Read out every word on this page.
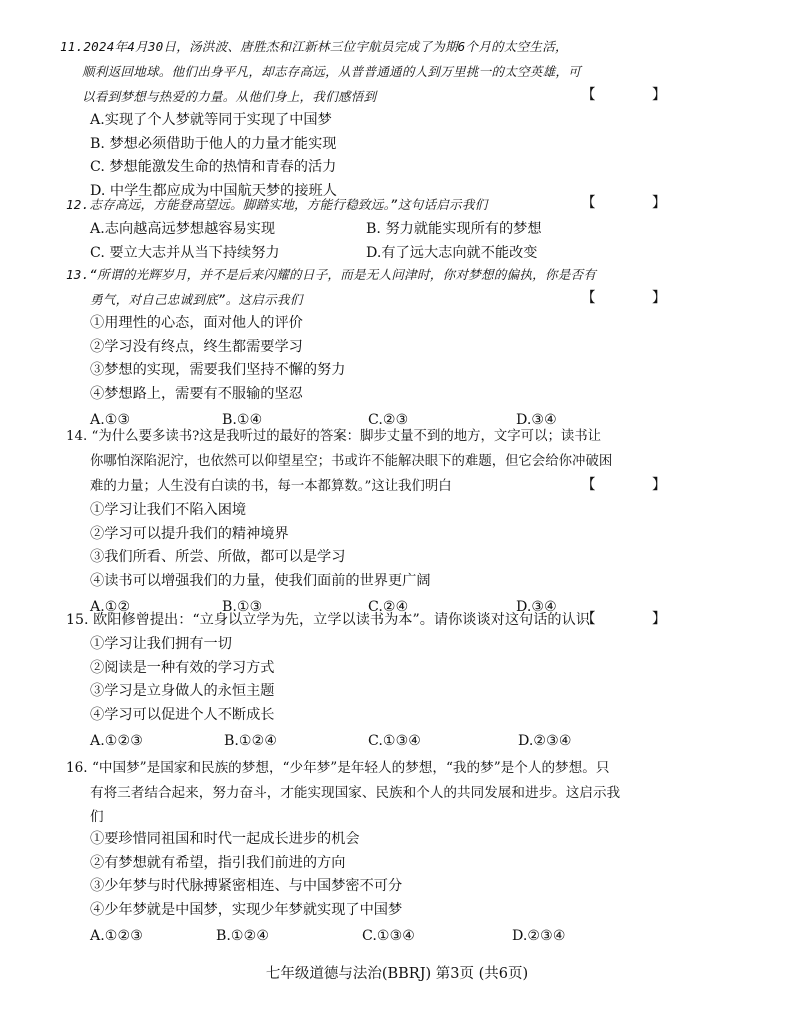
11.2024年4月30日，汤洪波、唐胜杰和江新林三位宇航员完成了为期6个月的太空生活，
顺利返回地球。他们出身平凡，却志存高远，从普普通通的人到万里挑一的太空英雄，可
以看到梦想与热爱的力量。从他们身上，我们感悟到	【 】
A.实现了个人梦就等同于实现了中国梦
B. 梦想必须借助于他人的力量才能实现
C. 梦想能激发生命的热情和青春的活力
D. 中学生都应成为中国航天梦的接班人
12.志存高远，方能登高望远。脚踏实地，方能行稳致远。”这句话启示我们	【 】
A.志向越高远梦想越容易实现	B. 努力就能实现所有的梦想
C. 要立大志并从当下持续努力	D.有了远大志向就不能改变
13.“所谓的光辉岁月，并不是后来闪耀的日子，而是无人问津时，你对梦想的偏执，你是否有
勇气，对自己忠诚到底”。这启示我们	【 】
①用理性的心态，面对他人的评价
②学习没有终点，终生都需要学习
③梦想的实现，需要我们坚持不懈的努力
④梦想路上，需要有不服输的坚忍
A.①③	B.①④	C.②③	D.③④
14. “为什么要多读书?这是我听过的最好的答案：脚步丈量不到的地方，文字可以；读书让
你哪怕深陷泥泞，也依然可以仰望星空；书或许不能解决眼下的难题，但它会给你冲破困
难的力量；人生没有白读的书，每一本都算数。”这让我们明白	【 】
①学习让我们不陷入困境
②学习可以提升我们的精神境界
③我们所看、所尝、所做，都可以是学习
④读书可以增强我们的力量，使我们面前的世界更广阔
A.①②	B.①③	C.②④	D.③④
15. 欧阳修曾提出：“立身以立学为先，立学以读书为本”。请你谈谈对这句话的认识
【 】
①学习让我们拥有一切
②阅读是一种有效的学习方式
③学习是立身做人的永恒主题
④学习可以促进个人不断成长
A.①②③	B.①②④	C.①③④	D.②③④
16. “中国梦”是国家和民族的梦想，“少年梦”是年轻人的梦想，“我的梦”是个人的梦想。只
有将三者结合起来，努力奋斗，才能实现国家、民族和个人的共同发展和进步。这启示我
们
①要珍惜同祖国和时代一起成长进步的机会
②有梦想就有希望，指引我们前进的方向
③少年梦与时代脉搏紧密相连、与中国梦密不可分
④少年梦就是中国梦，实现少年梦就实现了中国梦
A.①②③	B.①②④	C.①③④	D.②③④
七年级道德与法治(BBRJ) 第3页 (共6页)
